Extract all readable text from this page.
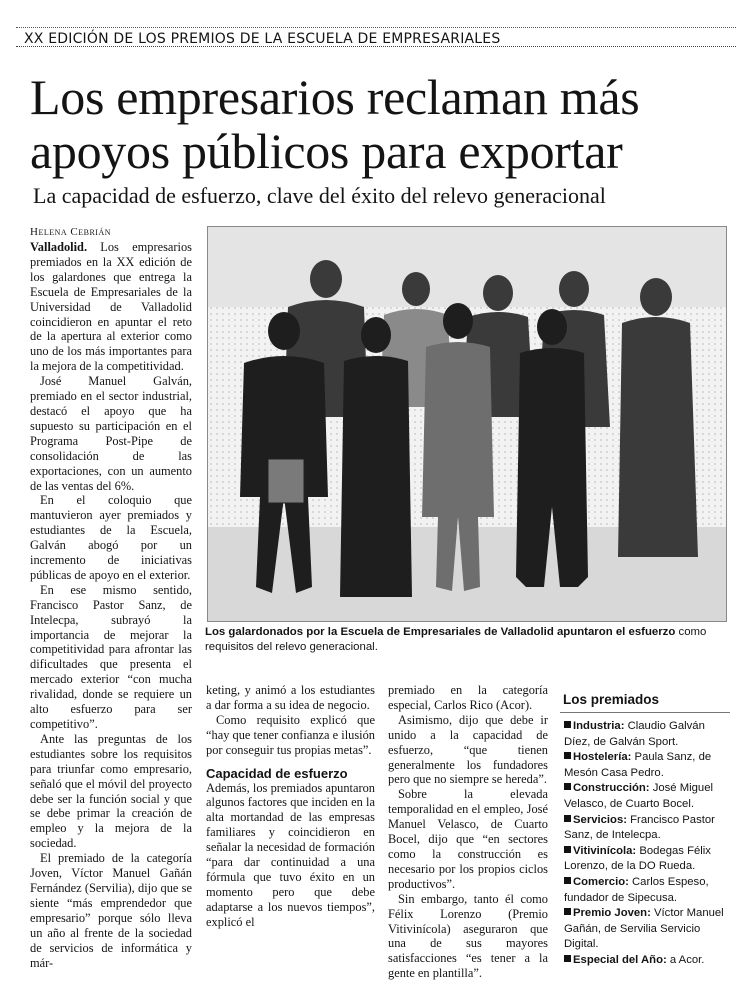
XX EDICIÓN DE LOS PREMIOS DE LA ESCUELA DE EMPRESARIALES
Los empresarios reclaman más
apoyos públicos para exportar
La capacidad de esfuerzo, clave del éxito del relevo generacional
Helena Cebrián

Valladolid. Los empresarios premiados en la XX edición de los galardones que entrega la Escuela de Empresariales de la Universidad de Valladolid coincidieron en apuntar el reto de la apertura al exterior como uno de los más importantes para la mejora de la competitividad.

José Manuel Galván, premiado en el sector industrial, destacó el apoyo que ha supuesto su participación en el Programa Post-Pipe de consolidación de las exportaciones, con un aumento de las ventas del 6%.

En el coloquio que mantuvieron ayer premiados y estudiantes de la Escuela, Galván abogó por un incremento de iniciativas públicas de apoyo en el exterior.

En ese mismo sentido, Francisco Pastor Sanz, de Intelecpa, subrayó la importancia de mejorar la competitividad para afrontar las dificultades que presenta el mercado exterior “con mucha rivalidad, donde se requiere un alto esfuerzo para ser competitivo”.

Ante las preguntas de los estudiantes sobre los requisitos para triunfar como empresario, señaló que el móvil del proyecto debe ser la función social y que se debe primar la creación de empleo y la mejora de la sociedad.

El premiado de la categoría Joven, Víctor Manuel Gañán Fernández (Servilia), dijo que se siente “más emprendedor que empresario” porque sólo lleva un año al frente de la sociedad de servicios de informática y már-

Los galardonados por la Escuela de Empresariales de Valladolid apuntaron el esfuerzo como requisitos del relevo generacional.

keting, y animó a los estudiantes a dar forma a su idea de negocio.

Como requisito explicó que “hay que tener confianza e ilusión por conseguir tus propias metas”.

Capacidad de esfuerzo

Además, los premiados apuntaron algunos factores que inciden en la alta mortandad de las empresas familiares y coincidieron en señalar la necesidad de formación “para dar continuidad a una fórmula que tuvo éxito en un momento pero que debe adaptarse a los nuevos tiempos”, explicó el

premiado en la categoría especial, Carlos Rico (Acor).

Asimismo, dijo que debe ir unido a la capacidad de esfuerzo, “que tienen generalmente los fundadores pero que no siempre se hereda”.

Sobre la elevada temporalidad en el empleo, José Manuel Velasco, de Cuarto Bocel, dijo que “en sectores como la construcción es necesario por los propios ciclos productivos”.

Sin embargo, tanto él como Félix Lorenzo (Premio Vitivinícola) aseguraron que una de sus mayores satisfacciones “es tener a la gente en plantilla”.

Los premiados
Industria: Claudio Galván Díez, de Galván Sport.
Hostelería: Paula Sanz, de Mesón Casa Pedro.
Construcción: José Miguel Velasco, de Cuarto Bocel.
Servicios: Francisco Pastor Sanz, de Intelecpa.
Vitivinícola: Bodegas Félix Lorenzo, de la DO Rueda.
Comercio: Carlos Espeso, fundador de Sipecusa.
Premio Joven: Víctor Manuel Gañán, de Servilia Servicio Digital.
Especial del Año: a Acor.
